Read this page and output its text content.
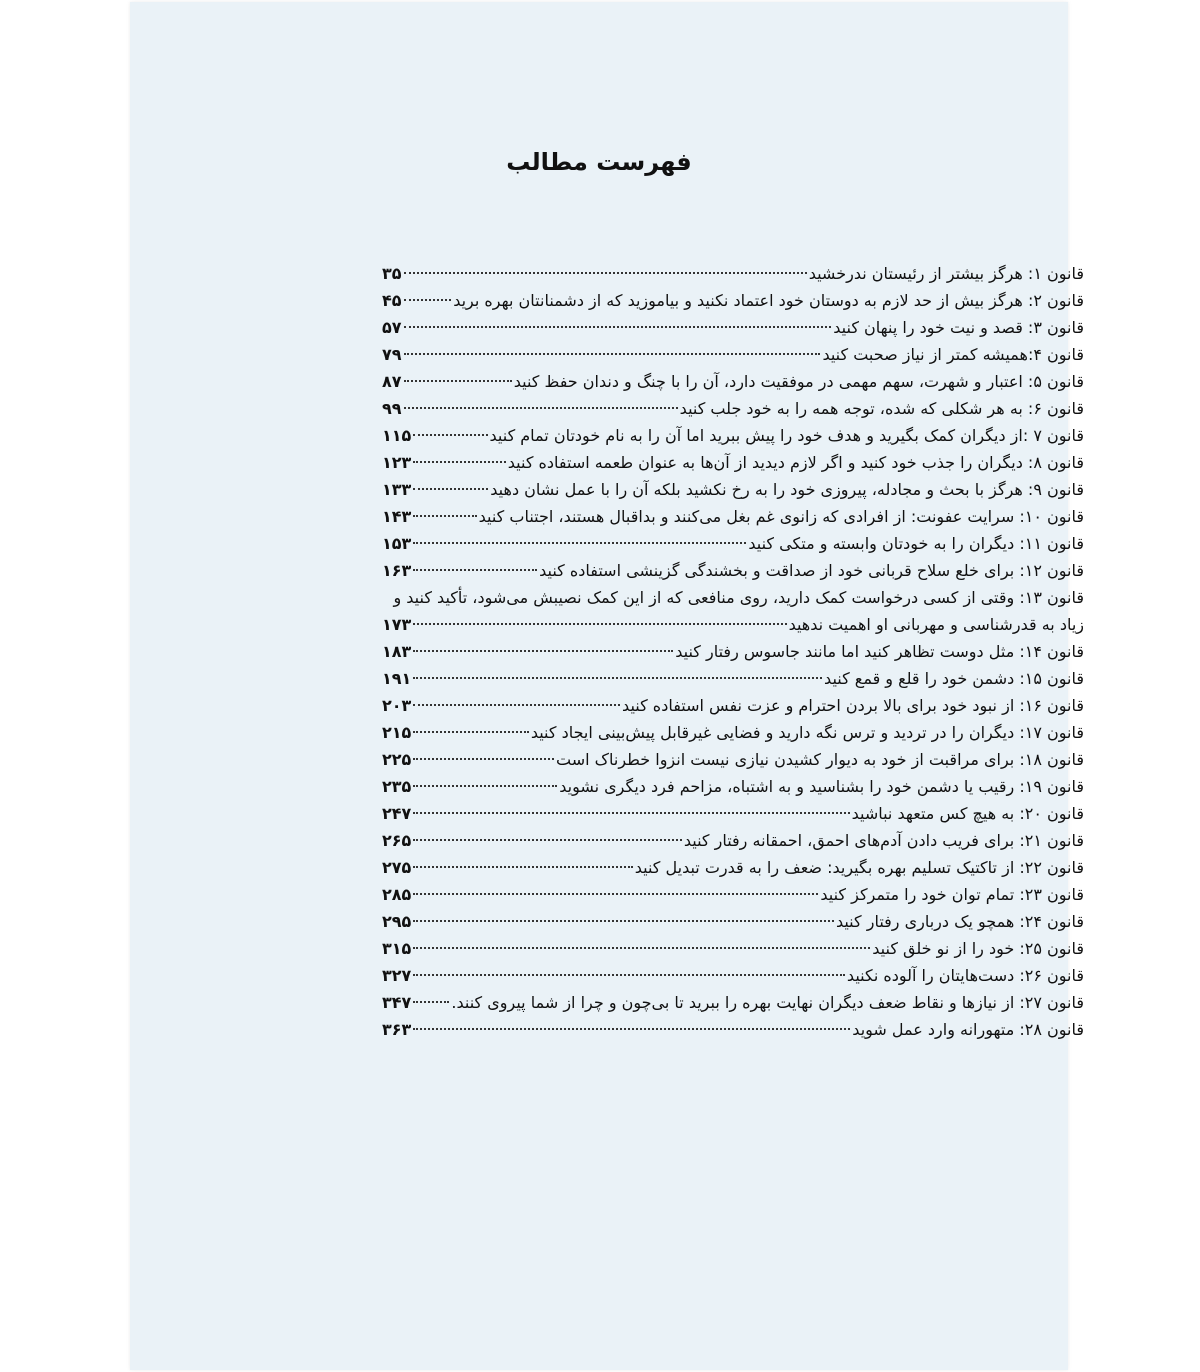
فهرست مطالب
قانون ۱: هرگز بیشتر از رئیستان ندرخشید
۳۵
قانون ۲: هرگز بیش از حد لازم به دوستان خود اعتماد نکنید و بیاموزید که از دشمنانتان بهره برید
۴۵
قانون ۳: قصد و نیت خود را پنهان کنید
۵۷
قانون ۴:همیشه کمتر از نیاز صحبت کنید
۷۹
قانون ۵: اعتبار و شهرت، سهم مهمی در موفقیت دارد، آن را با چنگ و دندان حفظ کنید
۸۷
قانون ۶: به هر شکلی که شده، توجه همه را به خود جلب کنید
۹۹
قانون ۷ :از دیگران کمک بگیرید و هدف خود را پیش ببرید اما آن را به نام خودتان تمام کنید
۱۱۵
قانون ۸: دیگران را جذب خود کنید و اگر لازم دیدید از آن‌ها به عنوان طعمه استفاده کنید
۱۲۳
قانون ۹: هرگز با بحث و مجادله، پیروزی خود را به رخ نکشید بلکه آن را با عمل نشان دهید
۱۳۳
قانون ۱۰: سرایت عفونت: از افرادی که زانوی غم بغل می‌کنند و بداقبال هستند، اجتناب کنید
۱۴۳
قانون ۱۱: دیگران را به خودتان وابسته و متکی کنید
۱۵۳
قانون ۱۲: برای خلع سلاح قربانی خود از صداقت و بخشندگی گزینشی استفاده کنید
۱۶۳
قانون ۱۳: وقتی از کسی درخواست کمک دارید، روی منافعی که از این کمک نصیبش می‌شود، تأکید کنید و
زیاد به قدرشناسی و مهربانی او اهمیت ندهید
۱۷۳
قانون ۱۴: مثل دوست تظاهر کنید اما مانند جاسوس رفتار کنید
۱۸۳
قانون ۱۵: دشمن خود را قلع و قمع کنید
۱۹۱
قانون ۱۶: از نبود خود برای بالا بردن احترام و عزت نفس استفاده کنید
۲۰۳
قانون ۱۷: دیگران را در تردید و ترس نگه دارید و فضایی غیرقابل پیش‌بینی ایجاد کنید
۲۱۵
قانون ۱۸: برای مراقبت از خود به دیوار کشیدن نیازی نیست انزوا خطرناک است
۲۲۵
قانون ۱۹: رقیب یا دشمن خود را بشناسید و به اشتباه، مزاحم فرد دیگری نشوید
۲۳۵
قانون ۲۰: به هیچ کس متعهد نباشید
۲۴۷
قانون ۲۱: برای فریب دادن آدم‌های احمق، احمقانه رفتار کنید
۲۶۵
قانون ۲۲: از تاکتیک تسلیم بهره بگیرید: ضعف را به قدرت تبدیل کنید
۲۷۵
قانون ۲۳: تمام توان خود را متمرکز کنید
۲۸۵
قانون ۲۴: همچو یک درباری رفتار کنید
۲۹۵
قانون ۲۵: خود را از نو خلق کنید
۳۱۵
قانون ۲۶: دست‌هایتان را آلوده نکنید
۳۲۷
قانون ۲۷: از نیازها و نقاط ضعف دیگران نهایت بهره را ببرید تا بی‌چون و چرا از شما پیروی کنند.
۳۴۷
قانون ۲۸: متهورانه وارد عمل شوید
۳۶۳
